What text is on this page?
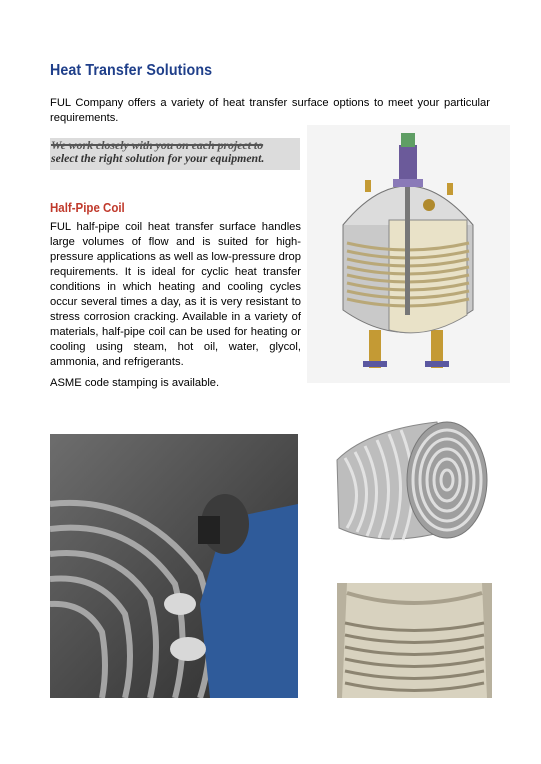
Heat Transfer Solutions
FUL Company offers a variety of heat transfer surface options to meet your particular requirements.
We work closely with you on each project to
select the right solution for your equipment.
Half-Pipe Coil
FUL half-pipe coil heat transfer surface handles large volumes of flow and is suited for high-pressure applications as well as low-pressure drop requirements. It is ideal for cyclic heat transfer conditions in which heating and cooling cycles occur several times a day, as it is very resistant to stress corrosion cracking. Available in a variety of materials, half-pipe coil can be used for heating or cooling using steam, hot oil, water, glycol, ammonia, and refrigerants.
ASME code stamping is available.
